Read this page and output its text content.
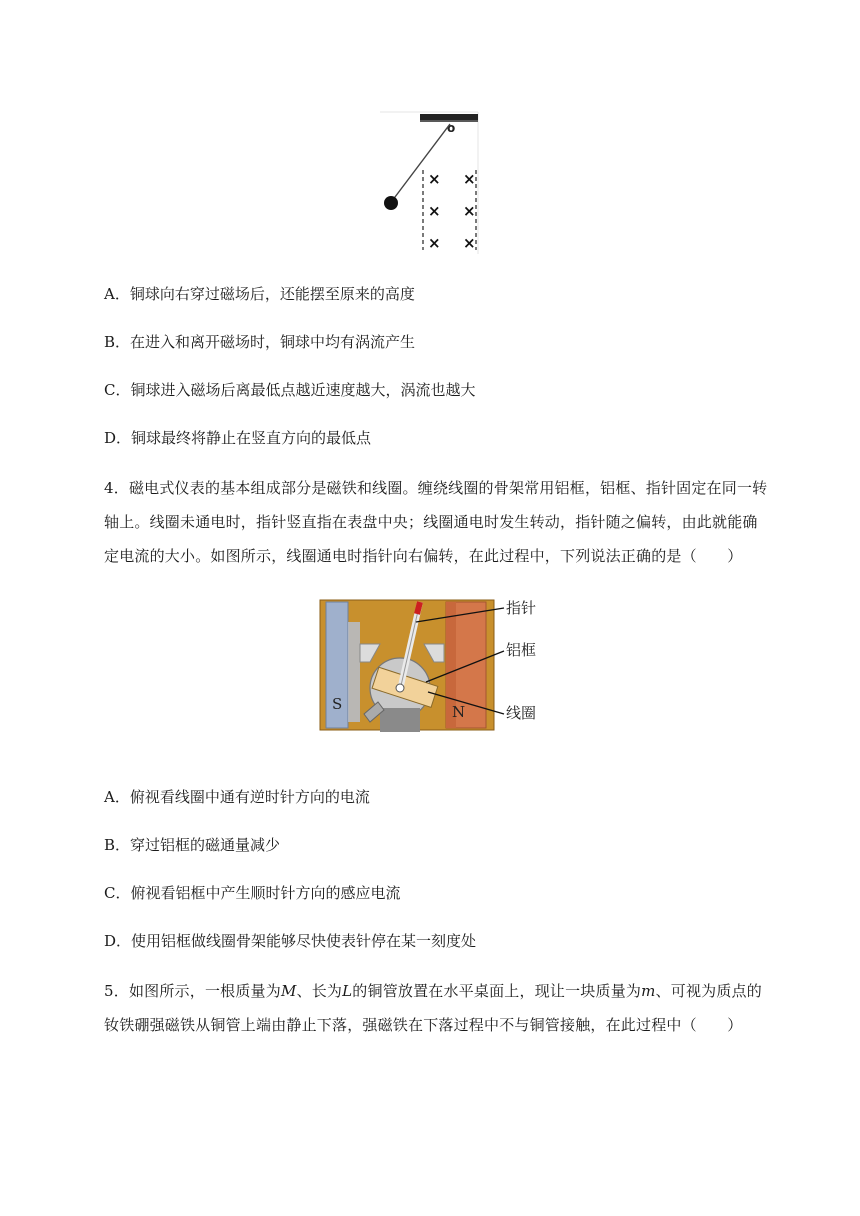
o
× ×
× ×
× ×
A．铜球向右穿过磁场后，还能摆至原来的高度
B．在进入和离开磁场时，铜球中均有涡流产生
C．铜球进入磁场后离最低点越近速度越大，涡流也越大
D．铜球最终将静止在竖直方向的最低点
4．磁电式仪表的基本组成部分是磁铁和线圈。缠绕线圈的骨架常用铝框，铝框、指针固定在同一转
轴上。线圈未通电时，指针竖直指在表盘中央；线圈通电时发生转动，指针随之偏转，由此就能确
定电流的大小。如图所示，线圈通电时指针向右偏转，在此过程中，下列说法正确的是（　　）
S	N
指针
铝框
线圈
A．俯视看线圈中通有逆时针方向的电流
B．穿过铝框的磁通量减少
C．俯视看铝框中产生顺时针方向的感应电流
D．使用铝框做线圈骨架能够尽快使表针停在某一刻度处
5．如图所示，一根质量为M、长为L的铜管放置在水平桌面上，现让一块质量为m、可视为质点的
钕铁硼强磁铁从铜管上端由静止下落，强磁铁在下落过程中不与铜管接触，在此过程中（　　）
